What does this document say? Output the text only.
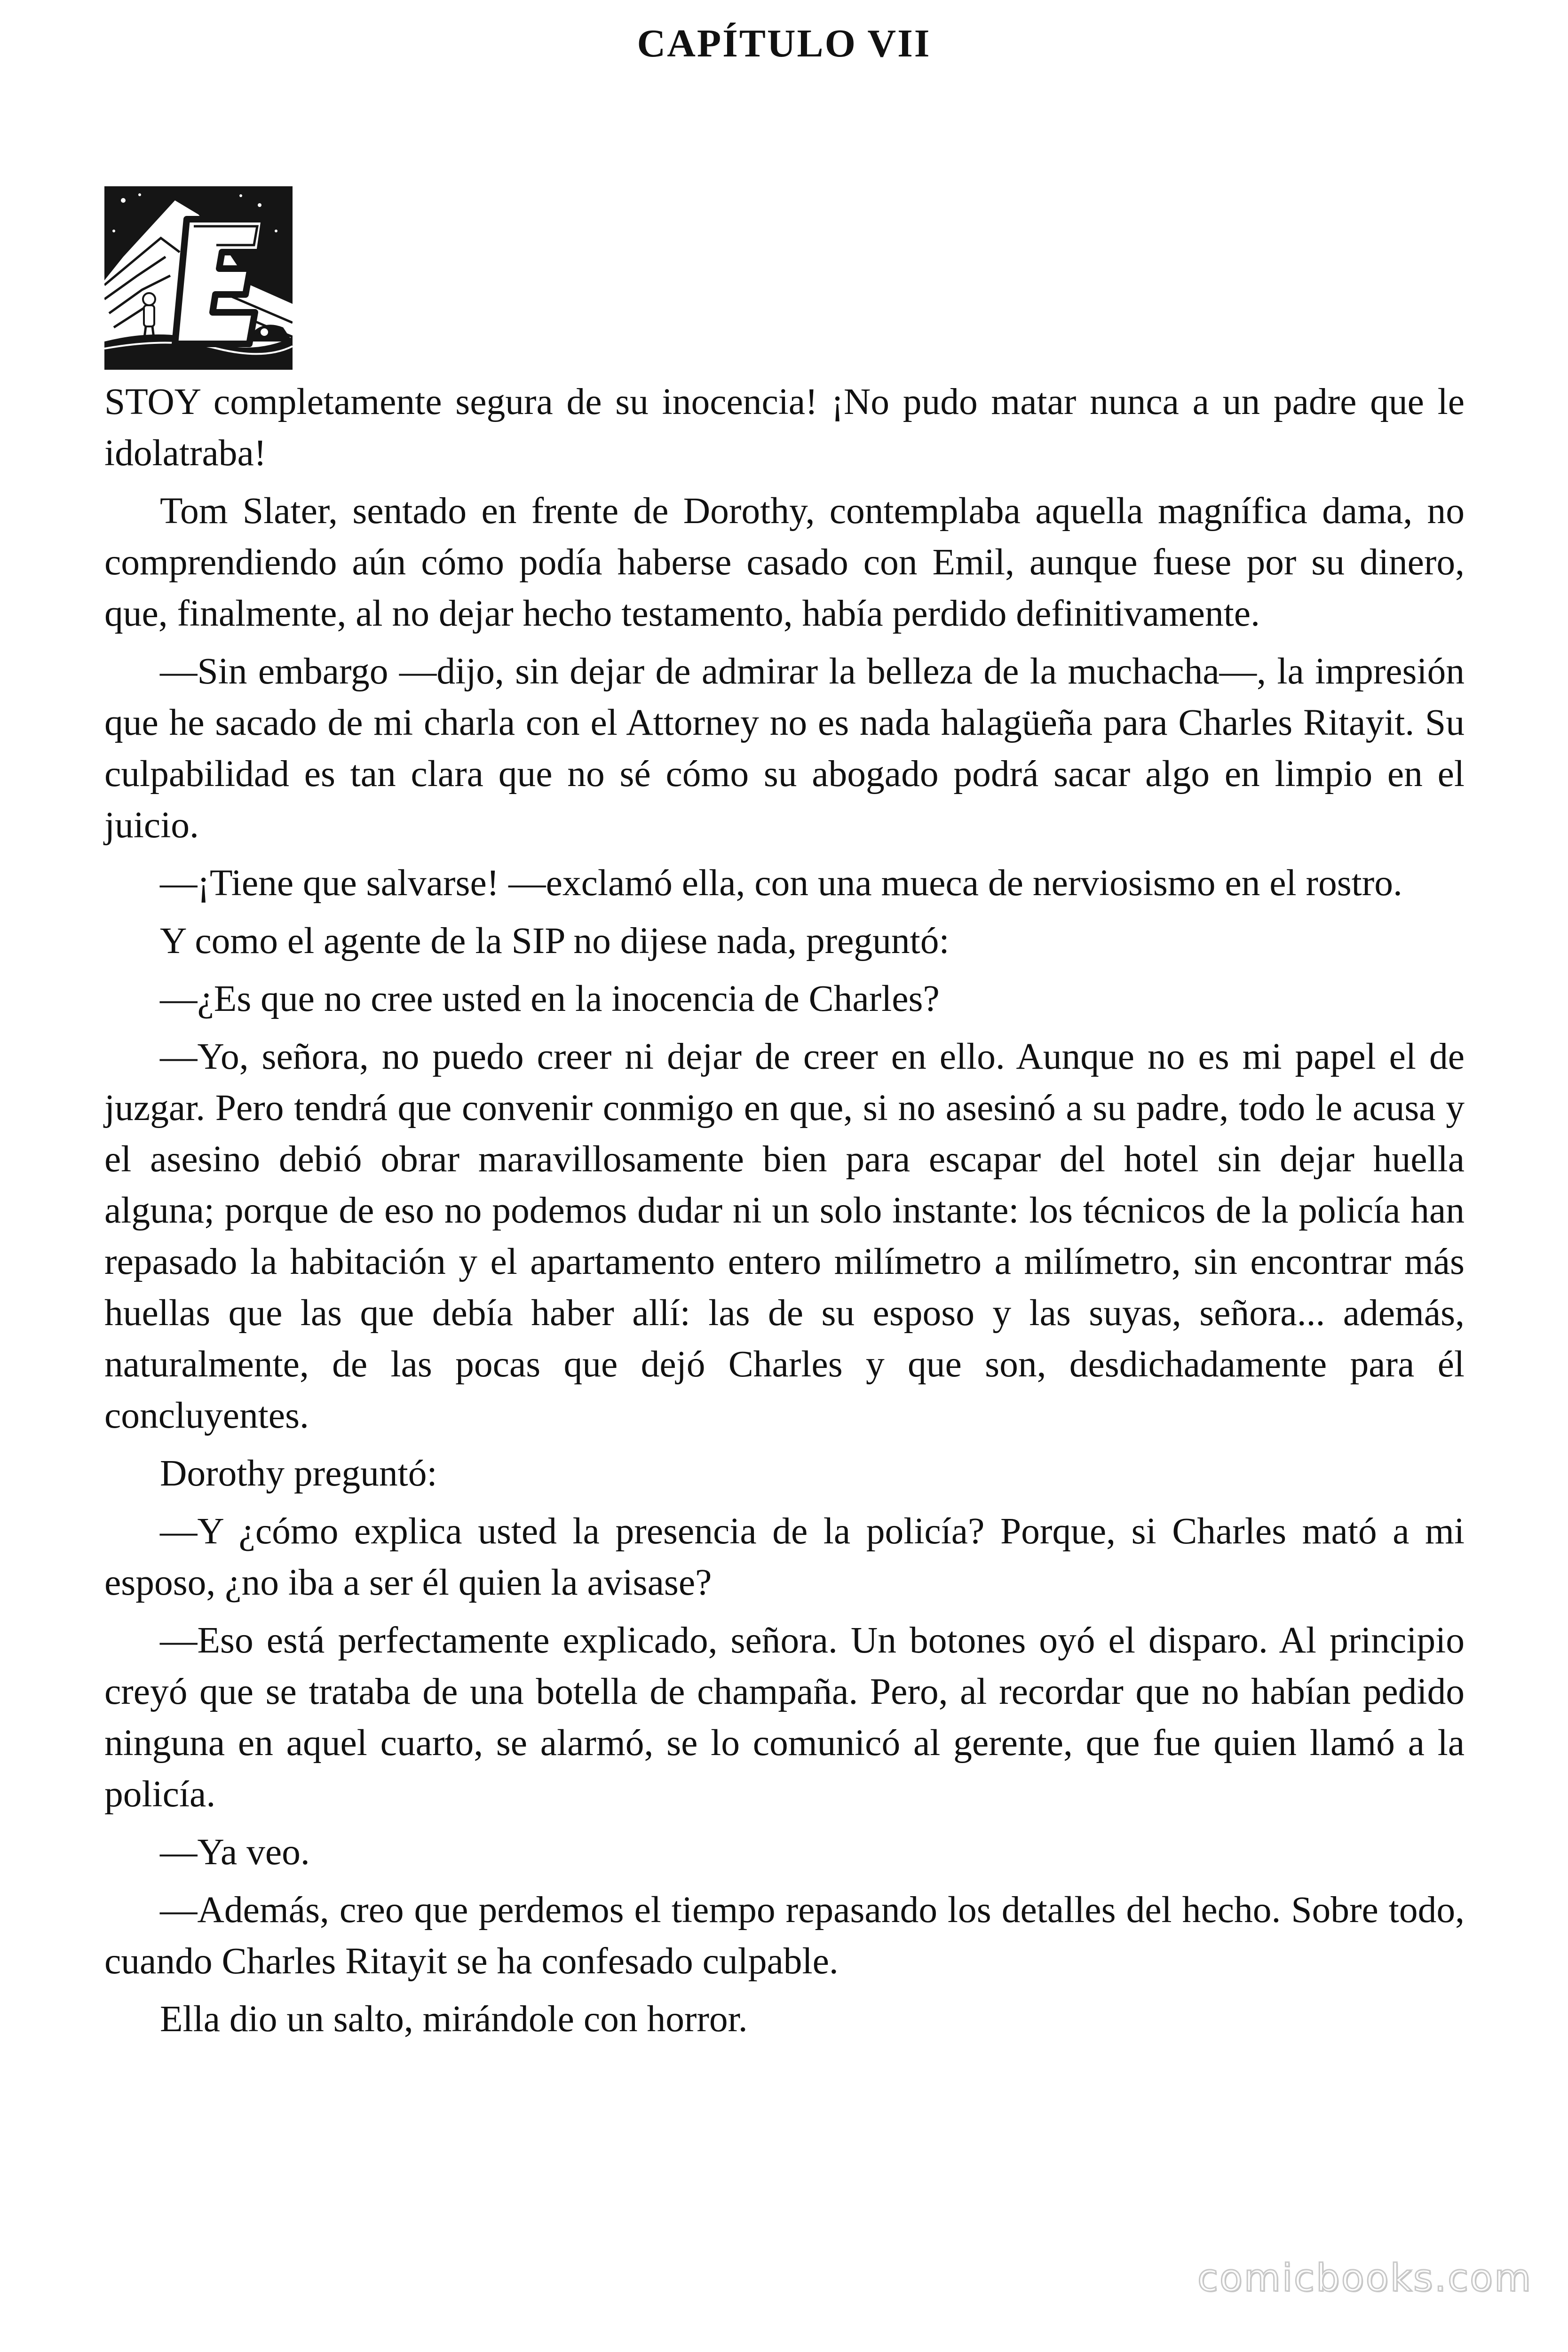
CAPÍTULO VII

STOY completamente segura de su inocencia! ¡No pudo matar nunca a un padre que le idolatraba!

Tom Slater, sentado en frente de Dorothy, contemplaba aquella magnífica dama, no comprendiendo aún cómo podía haberse casado con Emil, aunque fuese por su dinero, que, finalmente, al no dejar hecho testamento, había perdido definitivamente.

—Sin embargo —dijo, sin dejar de admirar la belleza de la muchacha—, la impresión que he sacado de mi charla con el Attorney no es nada halagüeña para Charles Ritayit. Su culpabilidad es tan clara que no sé cómo su abogado podrá sacar algo en limpio en el juicio.

—¡Tiene que salvarse! —exclamó ella, con una mueca de nerviosismo en el rostro.

Y como el agente de la SIP no dijese nada, preguntó:

—¿Es que no cree usted en la inocencia de Charles?

—Yo, señora, no puedo creer ni dejar de creer en ello. Aunque no es mi papel el de juzgar. Pero tendrá que convenir conmigo en que, si no asesinó a su padre, todo le acusa y el asesino debió obrar maravillosamente bien para escapar del hotel sin dejar huella alguna; porque de eso no podemos dudar ni un solo instante: los técnicos de la policía han repasado la habitación y el apartamento entero milímetro a milímetro, sin encontrar más huellas que las que debía haber allí: las de su esposo y las suyas, señora... además, naturalmente, de las pocas que dejó Charles y que son, desdichadamente para él concluyentes.

Dorothy preguntó:

—Y ¿cómo explica usted la presencia de la policía? Porque, si Charles mató a mi esposo, ¿no iba a ser él quien la avisase?

—Eso está perfectamente explicado, señora. Un botones oyó el disparo. Al principio creyó que se trataba de una botella de champaña. Pero, al recordar que no habían pedido ninguna en aquel cuarto, se alarmó, se lo comunicó al gerente, que fue quien llamó a la policía.

—Ya veo.

—Además, creo que perdemos el tiempo repasando los detalles del hecho. Sobre todo, cuando Charles Ritayit se ha confesado culpable.

Ella dio un salto, mirándole con horror.

comicbooks.com
